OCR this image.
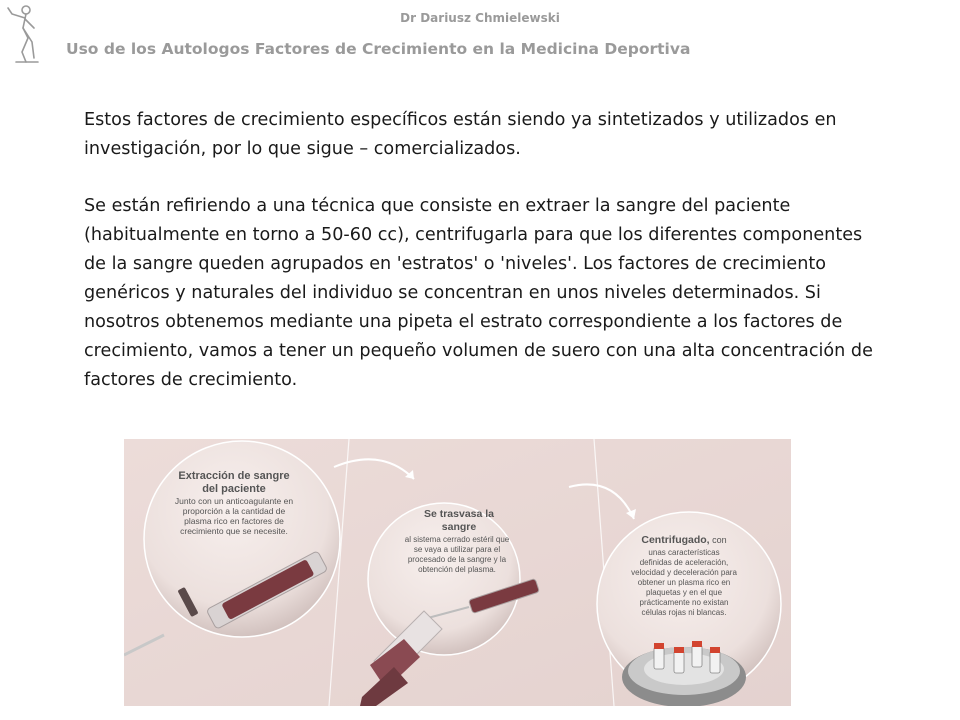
Dr Dariusz Chmielewski
Uso de los Autologos Factores de Crecimiento en la Medicina Deportiva

Estos factores de crecimiento específicos están siendo ya sintetizados y utilizados en investigación, por lo que sigue – comercializados.

Se están refiriendo a una técnica que consiste en extraer la sangre del paciente (habitualmente en torno a 50-60 cc), centrifugarla para que los diferentes componentes de la sangre queden agrupados en 'estratos' o 'niveles'. Los factores de crecimiento genéricos y naturales del individuo se concentran en unos niveles determinados. Si nosotros obtenemos mediante una pipeta el estrato correspondiente a los factores de crecimiento, vamos a tener un pequeño volumen de suero con una alta concentración de factores de crecimiento.

Extracción de sangre
del paciente
Junto con un anticoagulante en
proporción a la cantidad de
plasma rico en factores de
crecimiento que se necesite.
Se trasvasa la
sangre
al sistema cerrado estéril que
se vaya a utilizar para el
procesado de la sangre y la
obtención del plasma.
Centrifugado, con
unas características
definidas de aceleración,
velocidad y deceleración para
obtener un plasma rico en
plaquetas y en el que
prácticamente no existan
células rojas ni blancas.
